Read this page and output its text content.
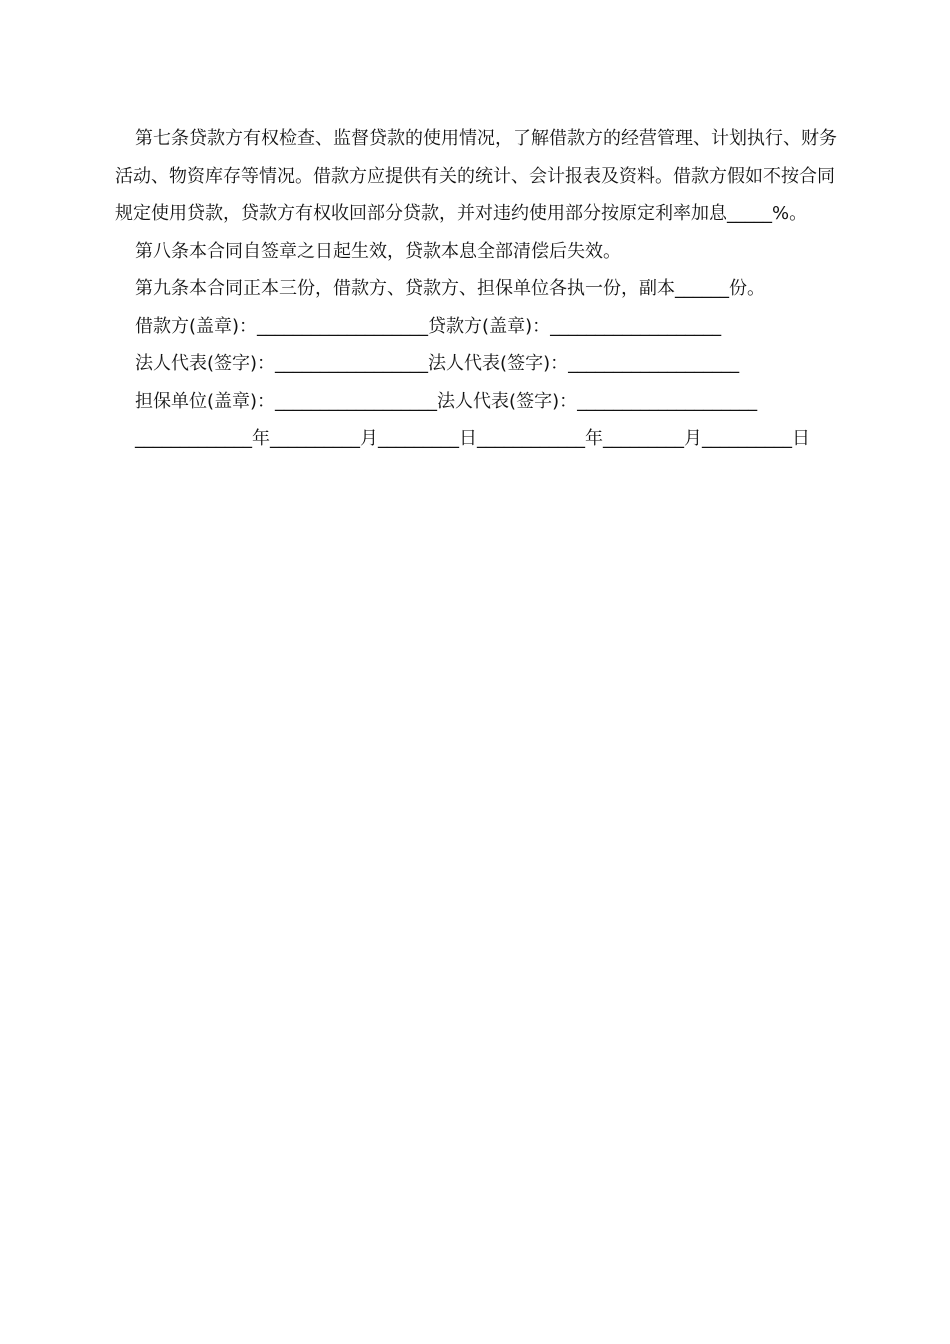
第七条贷款方有权检查、监督贷款的使用情况，了解借款方的经营管理、计划执行、财务活动、物资库存等情况。借款方应提供有关的统计、会计报表及资料。借款方假如不按合同规定使用贷款，贷款方有权收回部分贷款，并对违约使用部分按原定利率加息_____%。

第八条本合同自签章之日起生效，贷款本息全部清偿后失效。

第九条本合同正本三份，借款方、贷款方、担保单位各执一份，副本______份。

借款方(盖章)：___________________贷款方(盖章)：___________________

法人代表(签字)：_________________法人代表(签字)：___________________

担保单位(盖章)：__________________法人代表(签字)：____________________

_____________年__________月_________日____________年_________月__________日
